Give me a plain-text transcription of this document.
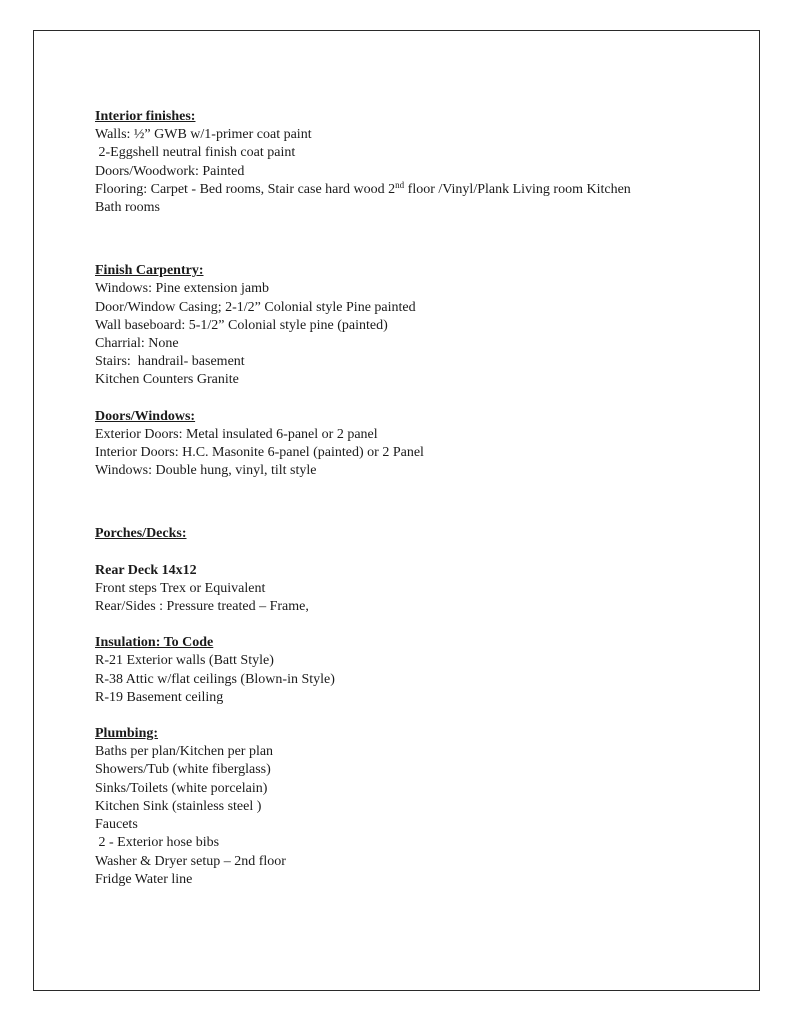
Interior finishes:
Walls: ½” GWB w/1-primer coat paint
2-Eggshell neutral finish coat paint
Doors/Woodwork: Painted
Flooring: Carpet - Bed rooms, Stair case hard wood 2nd floor /Vinyl/Plank Living room Kitchen
Bath rooms
Finish Carpentry:
Windows: Pine extension jamb
Door/Window Casing; 2-1/2” Colonial style Pine painted
Wall baseboard: 5-1/2” Colonial style pine (painted)
Charrial: None
Stairs:  handrail- basement
Kitchen Counters Granite
Doors/Windows:
Exterior Doors: Metal insulated 6-panel or 2 panel
Interior Doors: H.C. Masonite 6-panel (painted) or 2 Panel
Windows: Double hung, vinyl, tilt style
Porches/Decks:
Rear Deck 14x12
Front steps Trex or Equivalent
Rear/Sides : Pressure treated – Frame,
Insulation: To Code
R-21 Exterior walls (Batt Style)
R-38 Attic w/flat ceilings (Blown-in Style)
R-19 Basement ceiling
Plumbing:
Baths per plan/Kitchen per plan
Showers/Tub (white fiberglass)
Sinks/Toilets (white porcelain)
Kitchen Sink (stainless steel )
Faucets
2 - Exterior hose bibs
Washer & Dryer setup – 2nd floor
Fridge Water line
